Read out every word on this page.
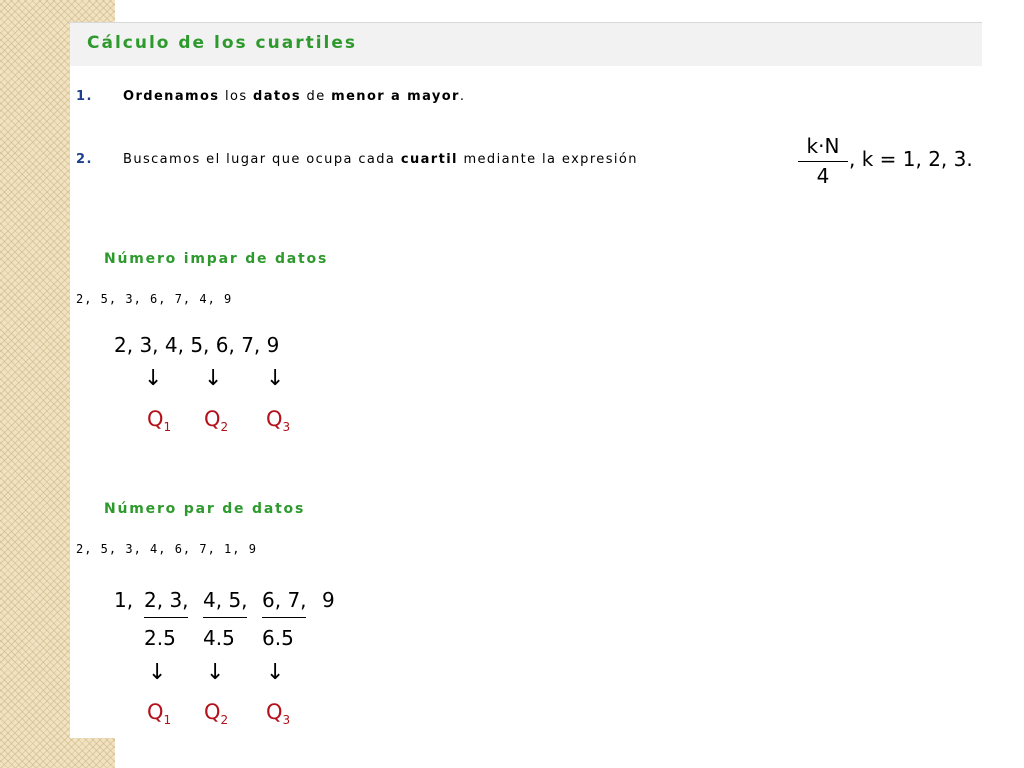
Cálculo de los cuartiles
1. Ordenamos los datos de menor a mayor.
2. Buscamos el lugar que ocupa cada cuartil mediante la expresión
k·N
4
, k = 1, 2, 3.
Número impar de datos
2, 5, 3, 6, 7, 4, 9
2, 3, 4, 5, 6, 7, 9
↓ ↓ ↓
$Q_1$ $Q_2$ $Q_3$
Número par de datos
2, 5, 3, 4, 6, 7, 1, 9
1, 2, 3, 4, 5, 6, 7, 9
2.5 4.5 6.5
↓ ↓ ↓
$Q_1$ $Q_2$ $Q_3$
